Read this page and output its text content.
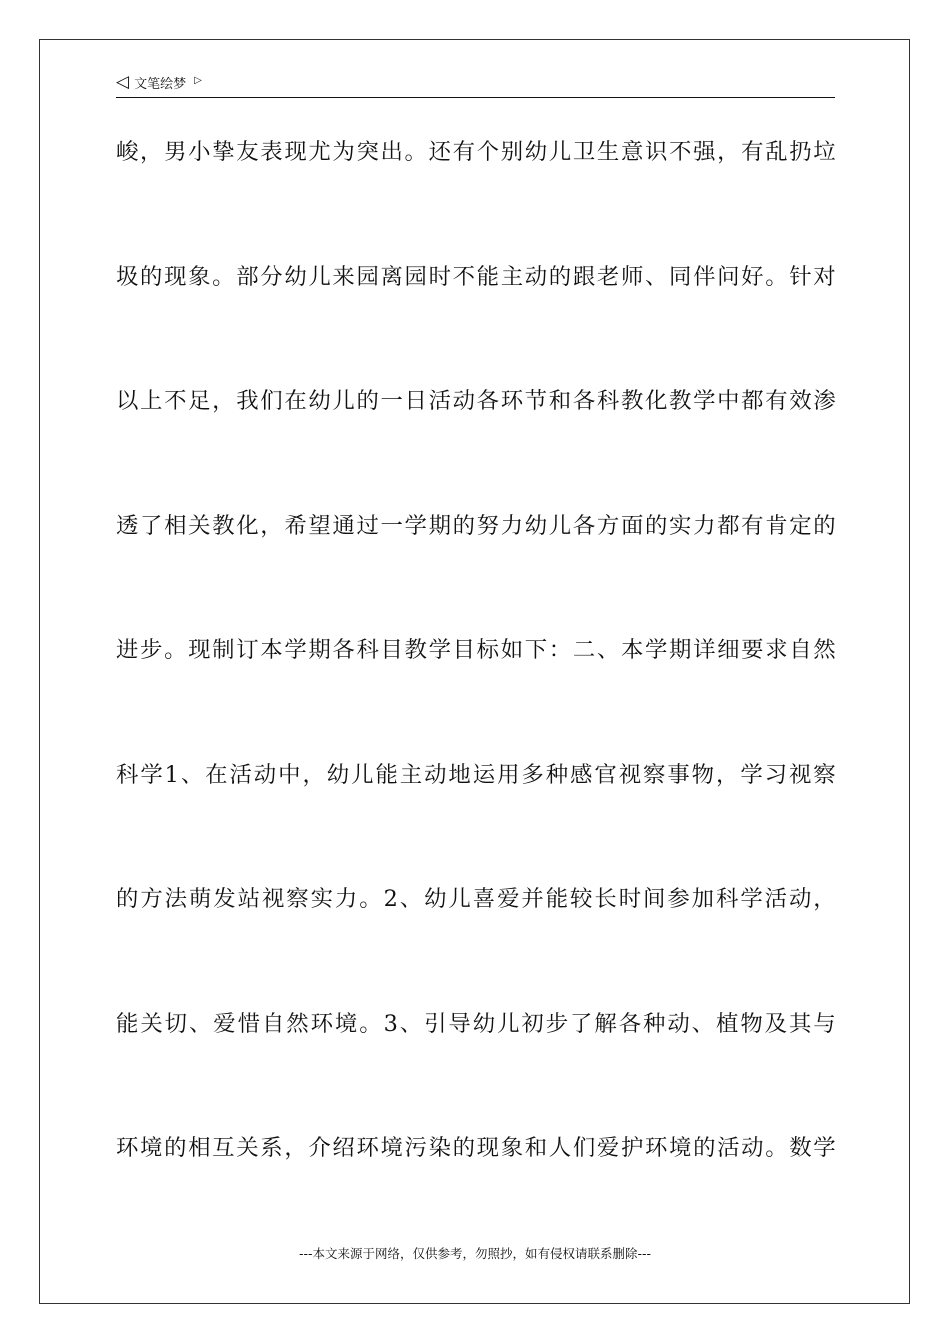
◁ 文笔绘梦 ▷
峻，男小挚友表现尤为突出。还有个别幼儿卫生意识不强，有乱扔垃
圾的现象。部分幼儿来园离园时不能主动的跟老师、同伴问好。针对
以上不足，我们在幼儿的一日活动各环节和各科教化教学中都有效渗
透了相关教化，希望通过一学期的努力幼儿各方面的实力都有肯定的
进步。现制订本学期各科目教学目标如下：二、本学期详细要求自然
科学1、在活动中，幼儿能主动地运用多种感官视察事物，学习视察
的方法萌发站视察实力。2、幼儿喜爱并能较长时间参加科学活动，
能关切、爱惜自然环境。3、引导幼儿初步了解各种动、植物及其与
环境的相互关系，介绍环境污染的现象和人们爱护环境的活动。数学
---本文来源于网络，仅供参考，勿照抄，如有侵权请联系删除---
